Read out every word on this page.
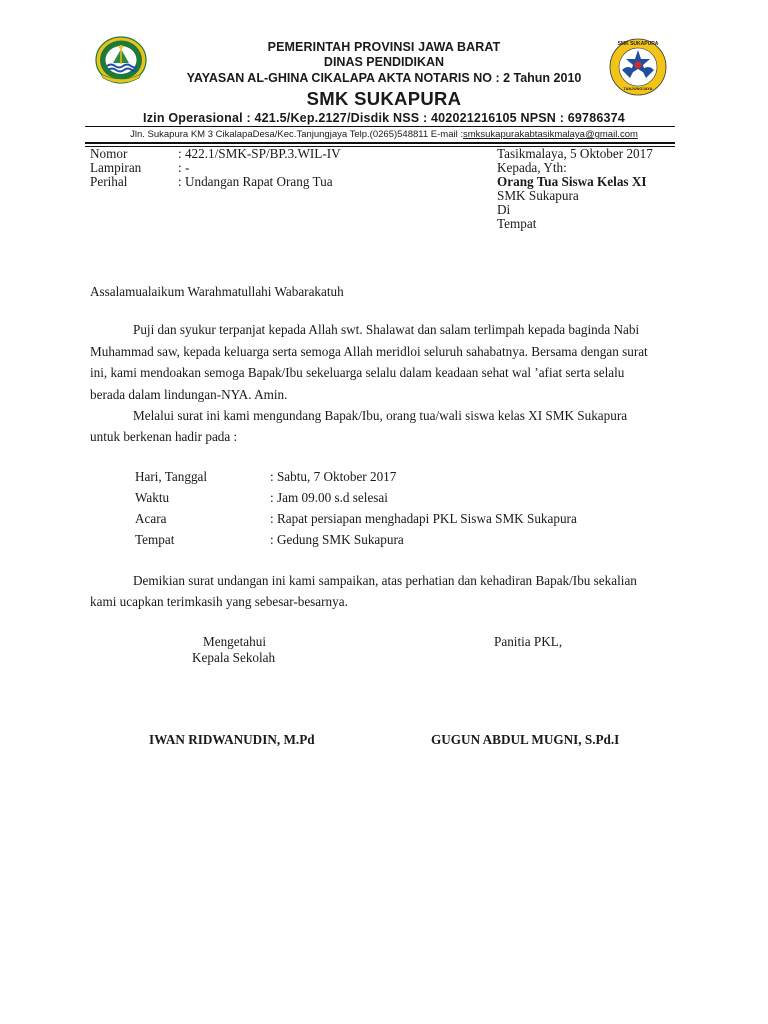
SMK SUKAPURA
TANJUNGJAYA
PEMERINTAH PROVINSI JAWA BARAT
DINAS PENDIDIKAN
YAYASAN AL-GHINA CIKALAPA AKTA NOTARIS NO : 2 Tahun 2010
SMK SUKAPURA
Izin Operasional : 421.5/Kep.2127/Disdik NSS : 402021216105 NPSN : 69786374
Jln. Sukapura KM 3 CikalapaDesa/Kec.Tanjungjaya Telp.(0265)548811 E-mail :smksukapurakabtasikmalaya@gmail.com
Nomor	: 422.1/SMK-SP/BP.3.WIL-IV
Lampiran	: -
Perihal	: Undangan Rapat Orang Tua
Tasikmalaya, 5 Oktober 2017
Kepada, Yth:
Orang Tua Siswa Kelas XI
SMK Sukapura
Di
Tempat
Assalamualaikum Warahmatullahi Wabarakatuh
Puji dan syukur terpanjat kepada Allah swt. Shalawat dan salam terlimpah kepada baginda Nabi
Muhammad saw, kepada keluarga serta semoga Allah meridloi seluruh sahabatnya. Bersama dengan surat
ini, kami mendoakan semoga Bapak/Ibu sekeluarga selalu dalam keadaan sehat wal ’afiat serta selalu
berada dalam lindungan-NYA. Amin.
Melalui surat ini kami mengundang Bapak/Ibu, orang tua/wali siswa kelas XI SMK Sukapura
untuk berkenan hadir pada :
Hari, Tanggal	: Sabtu, 7 Oktober 2017
Waktu	: Jam 09.00 s.d selesai
Acara	: Rapat persiapan menghadapi PKL Siswa SMK Sukapura
Tempat	: Gedung SMK Sukapura
Demikian surat undangan ini kami sampaikan, atas perhatian dan kehadiran Bapak/Ibu sekalian
kami ucapkan terimkasih yang sebesar-besarnya.
Mengetahui
Kepala Sekolah
Panitia PKL,
IWAN RIDWANUDIN, M.Pd	GUGUN ABDUL MUGNI, S.Pd.I
